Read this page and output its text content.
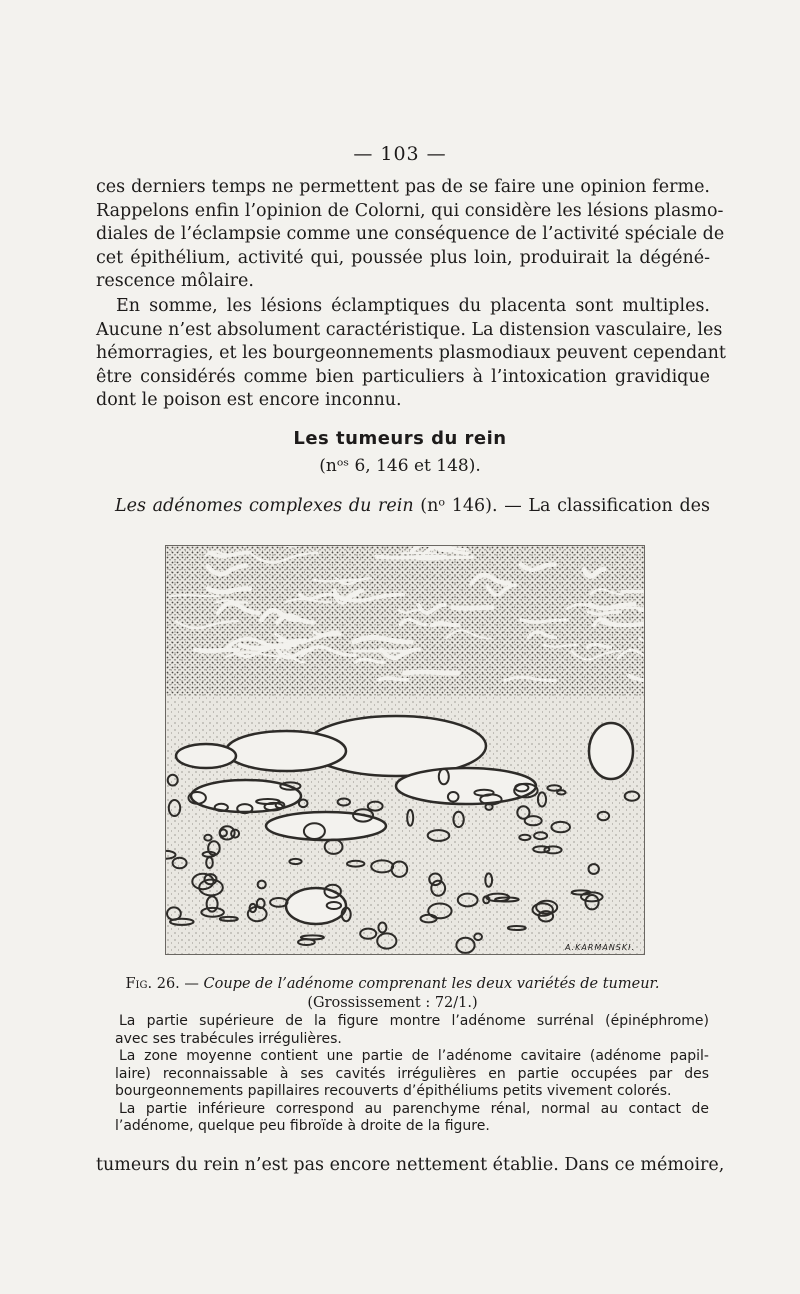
— 103 —

ces derniers temps ne permettent pas de se faire une opinion ferme.
Rappelons enfin l’opinion de Colorni, qui considère les lésions plasmo-
diales de l’éclampsie comme une conséquence de l’activité spéciale de
cet épithélium, activité qui, poussée plus loin, produirait la dégéné-
rescence môlaire.

En somme, les lésions éclamptiques du placenta sont multiples.
Aucune n’est absolument caractéristique. La distension vasculaire, les
hémorragies, et les bourgeonnements plasmodiaux peuvent cependant
être considérés comme bien particuliers à l’intoxication gravidique
dont le poison est encore inconnu.

Les tumeurs du rein
(nᵒˢ 6, 146 et 148).
Les adénomes complexes du rein (nᵒ 146). — La classification des
A.KARMANSKI.
Fig. 26. — Coupe de l’adénome comprenant les deux variétés de tumeur.
(Grossissement : 72/1.)
La partie supérieure de la figure montre l’adénome surrénal (épinéphrome)
avec ses trabécules irrégulières.
La zone moyenne contient une partie de l’adénome cavitaire (adénome papil-
laire) reconnaissable à ses cavités irrégulières en partie occupées par des
bourgeonnements papillaires recouverts d’épithéliums petits vivement colorés.
La partie inférieure correspond au parenchyme rénal, normal au contact de
l’adénome, quelque peu fibroïde à droite de la figure.
tumeurs du rein n’est pas encore nettement établie. Dans ce mémoire,
